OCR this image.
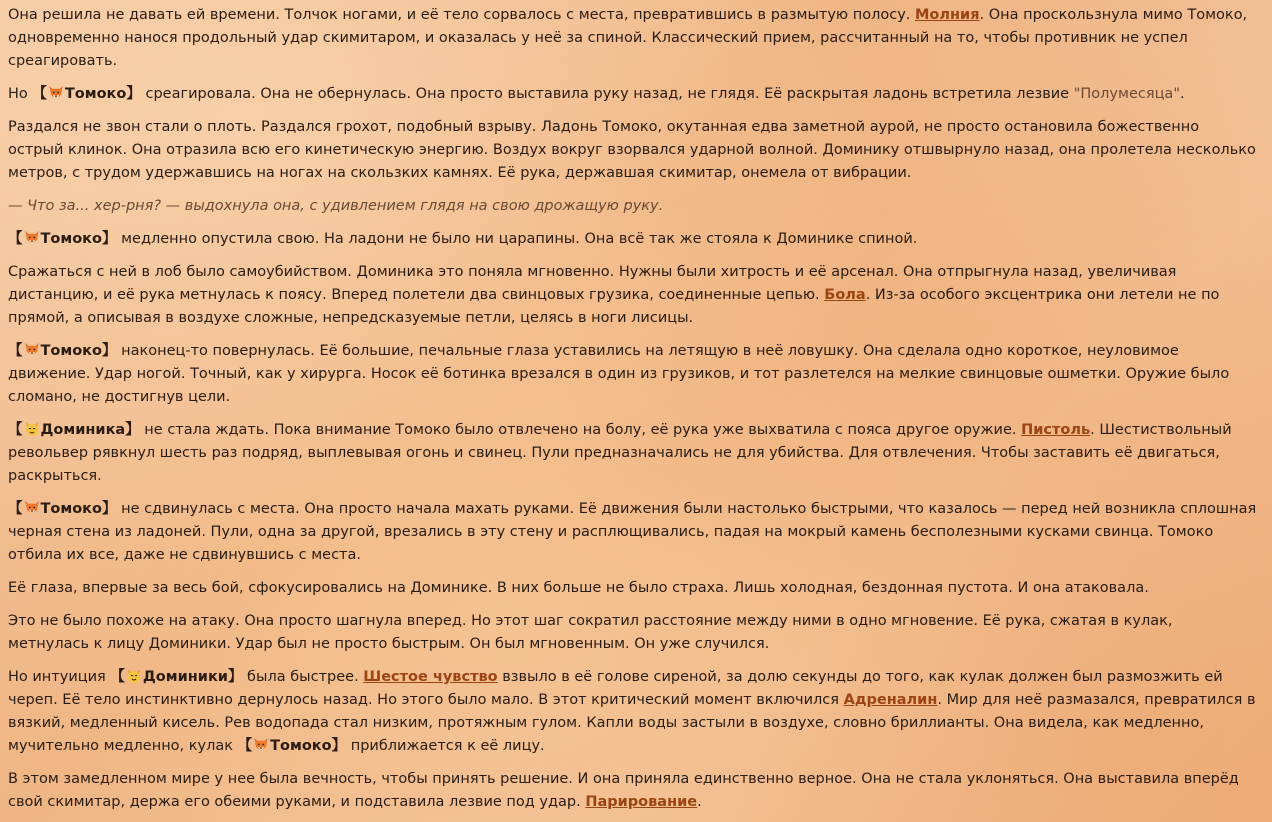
Она решила не давать ей времени. Толчок ногами, и её тело сорвалось с места, превратившись в размытую полосу. Молния. Она проскользнула мимо Томоко, одновременно нанося продольный удар скимитаром, и оказалась у неё за спиной. Классический прием, рассчитанный на то, чтобы противник не успел среагировать.

Но 【 Томоко】 среагировала. Она не обернулась. Она просто выставила руку назад, не глядя. Её раскрытая ладонь встретила лезвие "Полумесяца".

Раздался не звон стали о плоть. Раздался грохот, подобный взрыву. Ладонь Томоко, окутанная едва заметной аурой, не просто остановила божественно острый клинок. Она отразила всю его кинетическую энергию. Воздух вокруг взорвался ударной волной. Доминику отшвырнуло назад, она пролетела несколько метров, с трудом удержавшись на ногах на скользких камнях. Её рука, державшая скимитар, онемела от вибрации.

— Что за... хер-рня? — выдохнула она, с удивлением глядя на свою дрожащую руку.

【 Томоко】 медленно опустила свою. На ладони не было ни царапины. Она всё так же стояла к Доминике спиной.

Сражаться с ней в лоб было самоубийством. Доминика это поняла мгновенно. Нужны были хитрость и её арсенал. Она отпрыгнула назад, увеличивая дистанцию, и её рука метнулась к поясу. Вперед полетели два свинцовых грузика, соединенные цепью. Бола. Из-за особого эксцентрика они летели не по прямой, а описывая в воздухе сложные, непредсказуемые петли, целясь в ноги лисицы.

【 Томоко】 наконец-то повернулась. Её большие, печальные глаза уставились на летящую в неё ловушку. Она сделала одно короткое, неуловимое движение. Удар ногой. Точный, как у хирурга. Носок её ботинка врезался в один из грузиков, и тот разлетелся на мелкие свинцовые ошметки. Оружие было сломано, не достигнув цели.

【 Доминика】 не стала ждать. Пока внимание Томоко было отвлечено на болу, её рука уже выхватила с пояса другое оружие. Пистоль. Шестиствольный револьвер рявкнул шесть раз подряд, выплевывая огонь и свинец. Пули предназначались не для убийства. Для отвлечения. Чтобы заставить её двигаться, раскрыться.

【 Томоко】 не сдвинулась с места. Она просто начала махать руками. Её движения были настолько быстрыми, что казалось — перед ней возникла сплошная черная стена из ладоней. Пули, одна за другой, врезались в эту стену и расплющивались, падая на мокрый камень бесполезными кусками свинца. Томоко отбила их все, даже не сдвинувшись с места.

Её глаза, впервые за весь бой, сфокусировались на Доминике. В них больше не было страха. Лишь холодная, бездонная пустота. И она атаковала.

Это не было похоже на атаку. Она просто шагнула вперед. Но этот шаг сократил расстояние между ними в одно мгновение. Её рука, сжатая в кулак, метнулась к лицу Доминики. Удар был не просто быстрым. Он был мгновенным. Он уже случился.

Но интуиция 【 Доминики】 была быстрее. Шестое чувство взвыло в её голове сиреной, за долю секунды до того, как кулак должен был размозжить ей череп. Её тело инстинктивно дернулось назад. Но этого было мало. В этот критический момент включился Адреналин. Мир для неё размазался, превратился в вязкий, медленный кисель. Рев водопада стал низким, протяжным гулом. Капли воды застыли в воздухе, словно бриллианты. Она видела, как медленно, мучительно медленно, кулак 【 Томоко】 приближается к её лицу.

В этом замедленном мире у нее была вечность, чтобы принять решение. И она приняла единственно верное. Она не стала уклоняться. Она выставила вперёд свой скимитар, держа его обеими руками, и подставила лезвие под удар. Парирование.
